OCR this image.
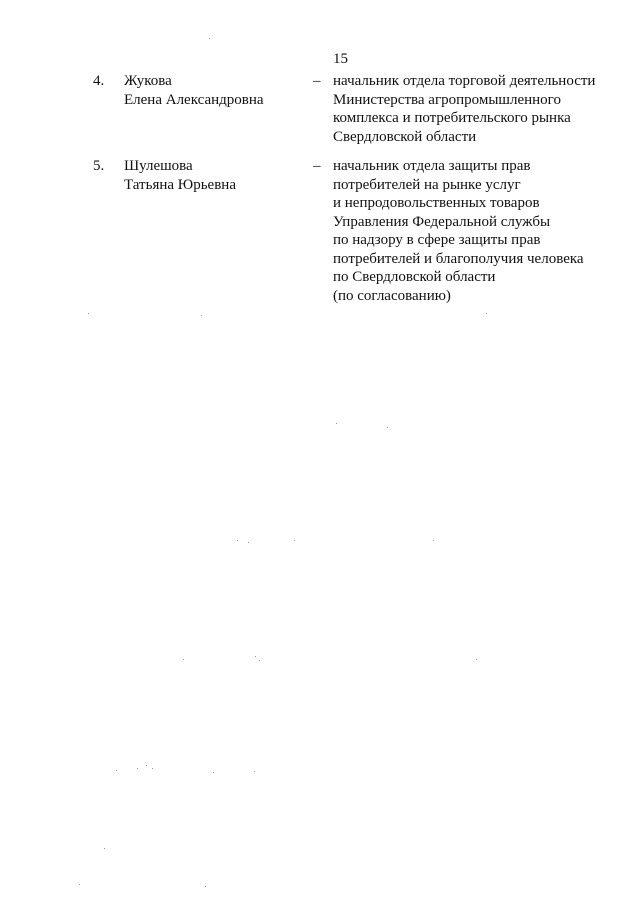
15
4. Жукова
Елена Александровна
– начальник отдела торговой деятельности
Министерства агропромышленного
комплекса и потребительского рынка
Свердловской области
5. Шулешова
Татьяна Юрьевна
– начальник отдела защиты прав
потребителей на рынке услуг
и непродовольственных товаров
Управления Федеральной службы
по надзору в сфере защиты прав
потребителей и благополучия человека
по Свердловской области
(по согласованию)
